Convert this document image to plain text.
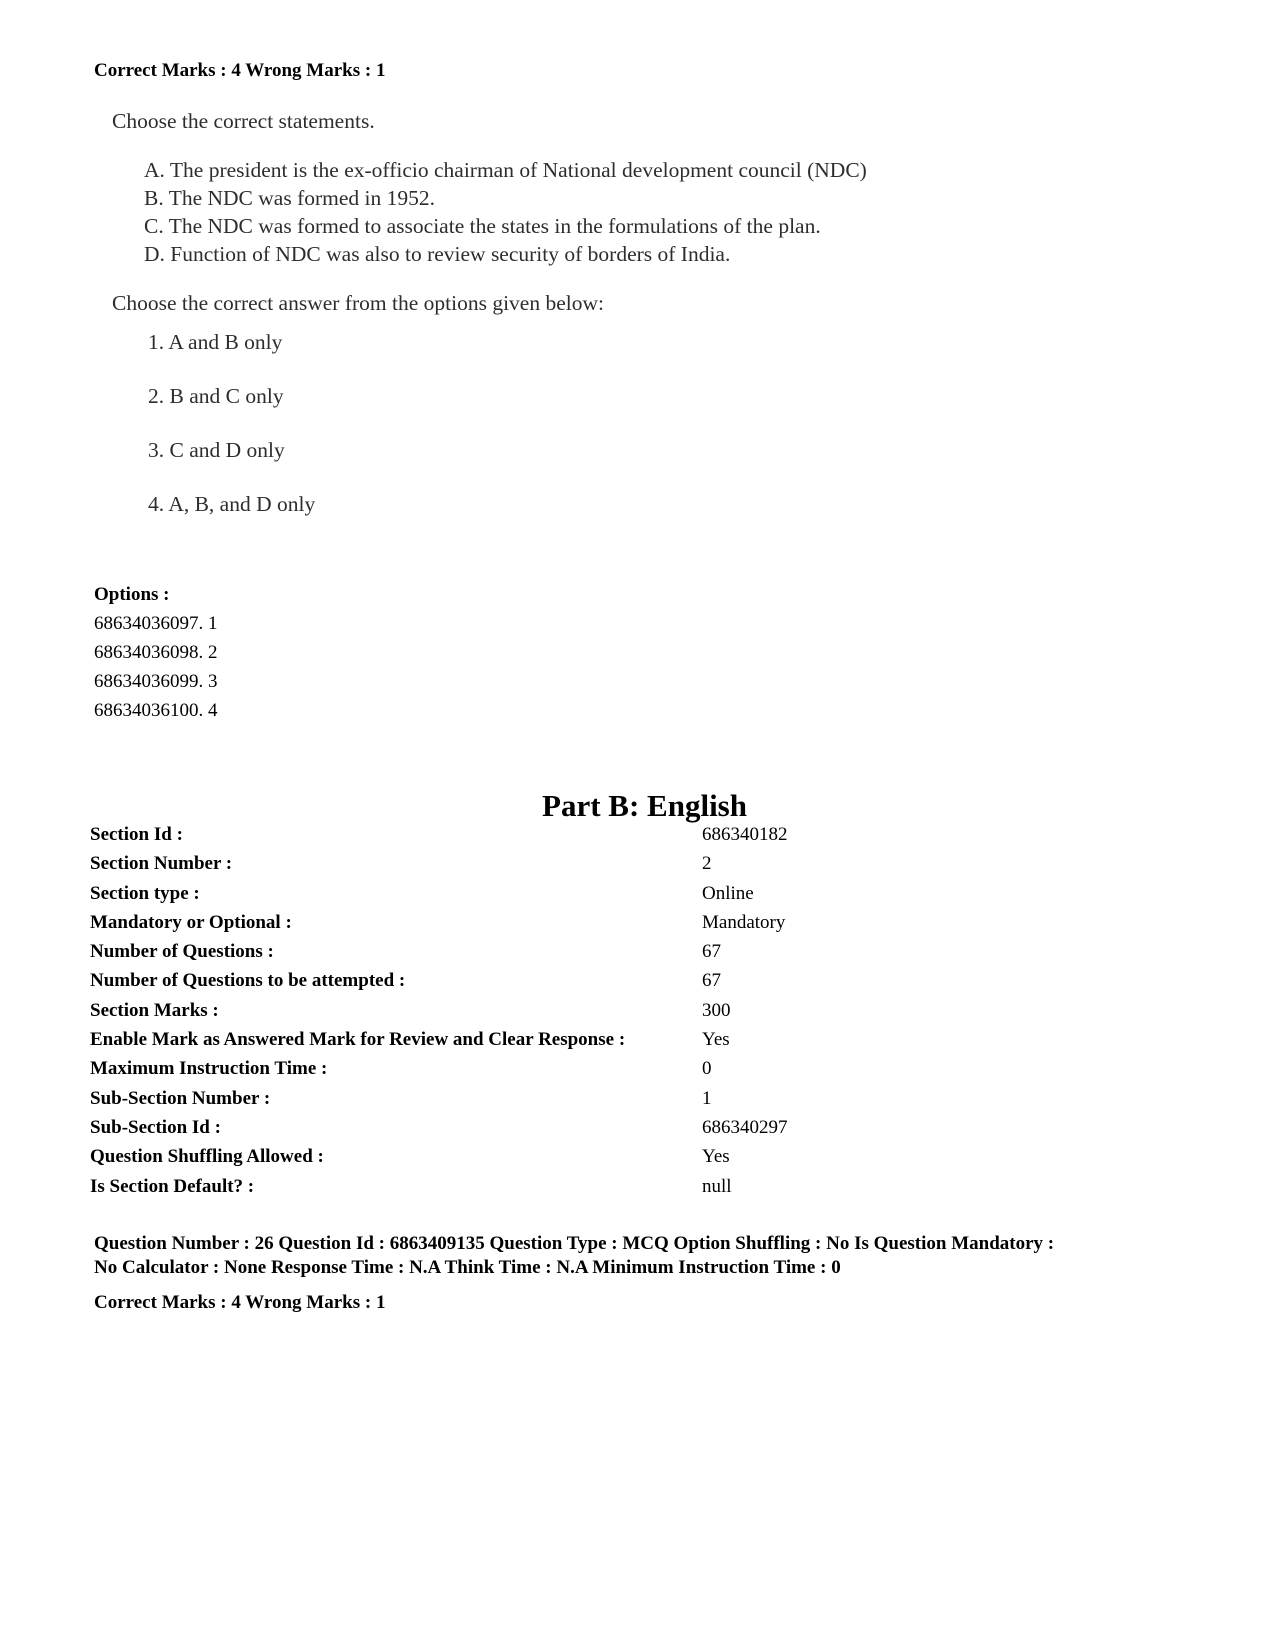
Correct Marks : 4 Wrong Marks : 1

Choose the correct statements.

A. The president is the ex-officio chairman of National development council (NDC)
B. The NDC was formed in 1952.
C. The NDC was formed to associate the states in the formulations of the plan.
D. Function of NDC was also to review security of borders of India.
Choose the correct answer from the options given below:
1. A and B only
2. B and C only
3. C and D only
4. A, B, and D only
Options :
68634036097. 1
68634036098. 2
68634036099. 3
68634036100. 4
Part B: English
Section Id :	686340182
Section Number :	2
Section type :	Online
Mandatory or Optional :	Mandatory
Number of Questions :	67
Number of Questions to be attempted :	67
Section Marks :	300
Enable Mark as Answered Mark for Review and Clear Response :	Yes
Maximum Instruction Time :	0
Sub-Section Number :	1
Sub-Section Id :	686340297
Question Shuffling Allowed :	Yes
Is Section Default? :	null
Question Number : 26 Question Id : 6863409135 Question Type : MCQ Option Shuffling : No Is Question Mandatory :
No Calculator : None Response Time : N.A Think Time : N.A Minimum Instruction Time : 0
Correct Marks : 4 Wrong Marks : 1
